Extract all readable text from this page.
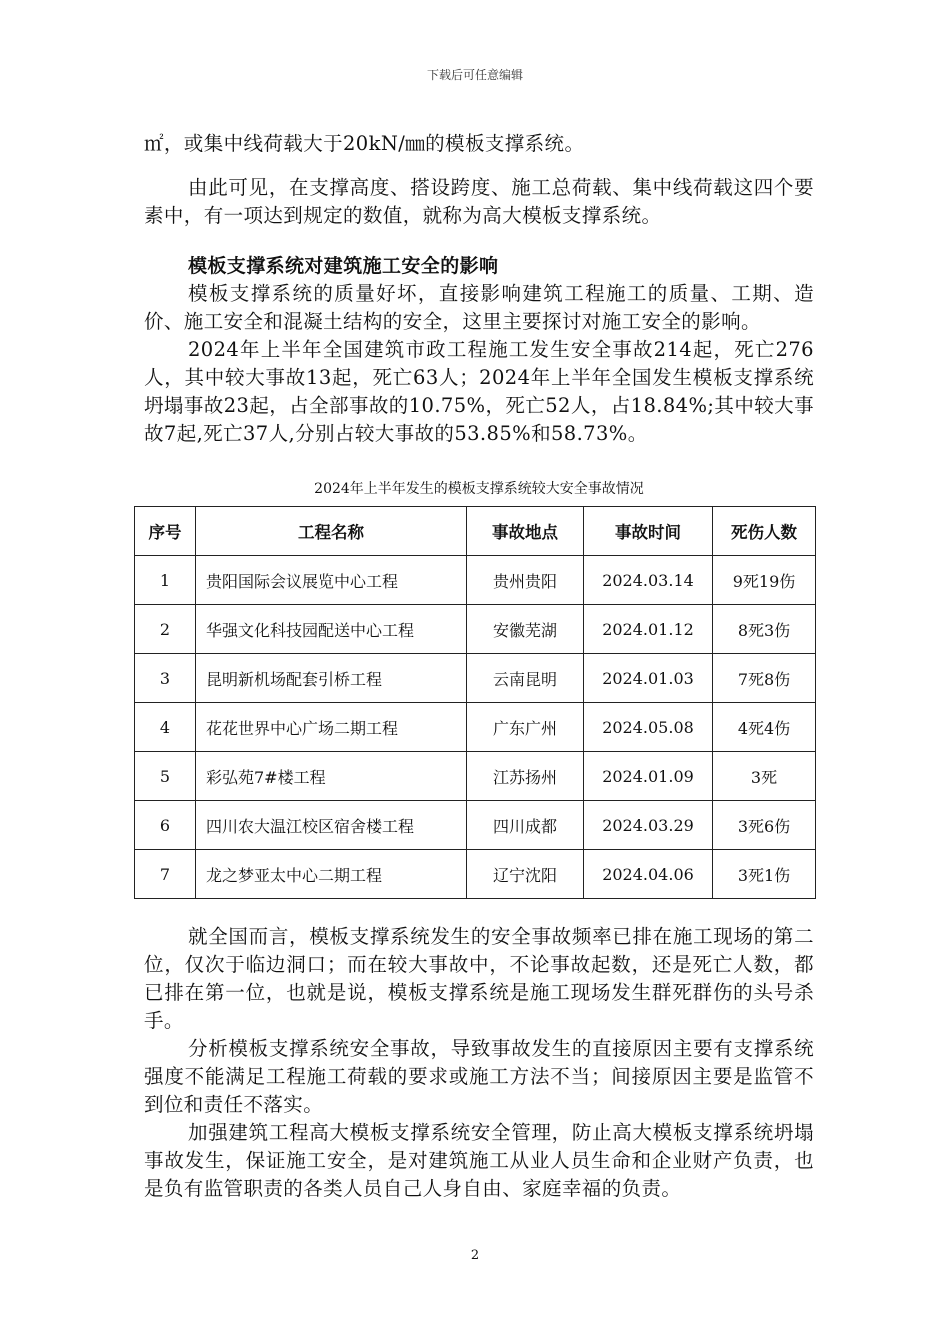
下载后可任意编辑

㎡，或集中线荷载大于20kN/㎜的模板支撑系统。

由此可见，在支撑高度、搭设跨度、施工总荷载、集中线荷载这四个要素中，有一项达到规定的数值，就称为高大模板支撑系统。

模板支撑系统对建筑施工安全的影响

模板支撑系统的质量好坏，直接影响建筑工程施工的质量、工期、造价、施工安全和混凝土结构的安全，这里主要探讨对施工安全的影响。

2024年上半年全国建筑市政工程施工发生安全事故214起，死亡276人，其中较大事故13起，死亡63人；2024年上半年全国发生模板支撑系统坍塌事故23起，占全部事故的10.75%，死亡52人，占18.84%;其中较大事故7起,死亡37人,分别占较大事故的53.85%和58.73%。

2024年上半年发生的模板支撑系统较大安全事故情况
序号	工程名称	事故地点	事故时间	死伤人数
1	贵阳国际会议展览中心工程	贵州贵阳	2024.03.14	9死19伤
2	华强文化科技园配送中心工程	安徽芜湖	2024.01.12	8死3伤
3	昆明新机场配套引桥工程	云南昆明	2024.01.03	7死8伤
4	花花世界中心广场二期工程	广东广州	2024.05.08	4死4伤
5	彩弘苑7#楼工程	江苏扬州	2024.01.09	3死
6	四川农大温江校区宿舍楼工程	四川成都	2024.03.29	3死6伤
7	龙之梦亚太中心二期工程	辽宁沈阳	2024.04.06	3死1伤

就全国而言，模板支撑系统发生的安全事故频率已排在施工现场的第二位，仅次于临边洞口；而在较大事故中，不论事故起数，还是死亡人数，都已排在第一位，也就是说，模板支撑系统是施工现场发生群死群伤的头号杀手。

分析模板支撑系统安全事故，导致事故发生的直接原因主要有支撑系统强度不能满足工程施工荷载的要求或施工方法不当；间接原因主要是监管不到位和责任不落实。

加强建筑工程高大模板支撑系统安全管理，防止高大模板支撑系统坍塌事故发生，保证施工安全，是对建筑施工从业人员生命和企业财产负责，也是负有监管职责的各类人员自己人身自由、家庭幸福的负责。

2
